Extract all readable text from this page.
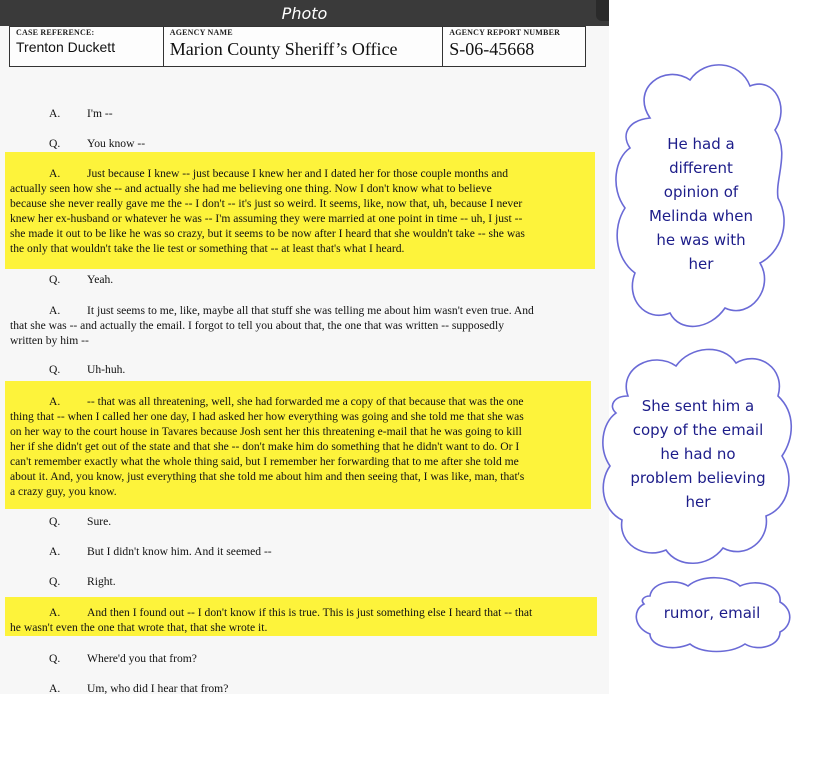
Photo
CASE REFERENCE:
Trenton Duckett
AGENCY NAME
Marion County Sheriff’s Office
AGENCY REPORT NUMBER
S-06-45668
A. I'm --
Q. You know --
A. Just because I knew -- just because I knew her and I dated her for those couple months and
actually seen how she -- and actually she had me believing one thing. Now I don't know what to believe
because she never really gave me the -- I don't -- it's just so weird. It seems, like, now that, uh, because I never
knew her ex-husband or whatever he was -- I'm assuming they were married at one point in time -- uh, I just --
she made it out to be like he was so crazy, but it seems to be now after I heard that she wouldn't take -- she was
the only that wouldn't take the lie test or something that -- at least that's what I heard.
Q. Yeah.
A. It just seems to me, like, maybe all that stuff she was telling me about him wasn't even true. And
that she was -- and actually the email. I forgot to tell you about that, the one that was written -- supposedly
written by him --
Q. Uh-huh.
A. -- that was all threatening, well, she had forwarded me a copy of that because that was the one
thing that -- when I called her one day, I had asked her how everything was going and she told me that she was
on her way to the court house in Tavares because Josh sent her this threatening e-mail that he was going to kill
her if she didn't get out of the state and that she -- don't make him do something that he didn't want to do. Or I
can't remember exactly what the whole thing said, but I remember her forwarding that to me after she told me
about it. And, you know, just everything that she told me about him and then seeing that, I was like, man, that's
a crazy guy, you know.
Q. Sure.
A. But I didn't know him. And it seemed --
Q. Right.
A. And then I found out -- I don't know if this is true. This is just something else I heard that -- that
he wasn't even the one that wrote that, that she wrote it.
Q. Where'd you that from?
A. Um, who did I hear that from?
He had a
different
opinion of
Melinda when
he was with
her
She sent him a
copy of the email
he had no
problem believing
her
rumor, email
